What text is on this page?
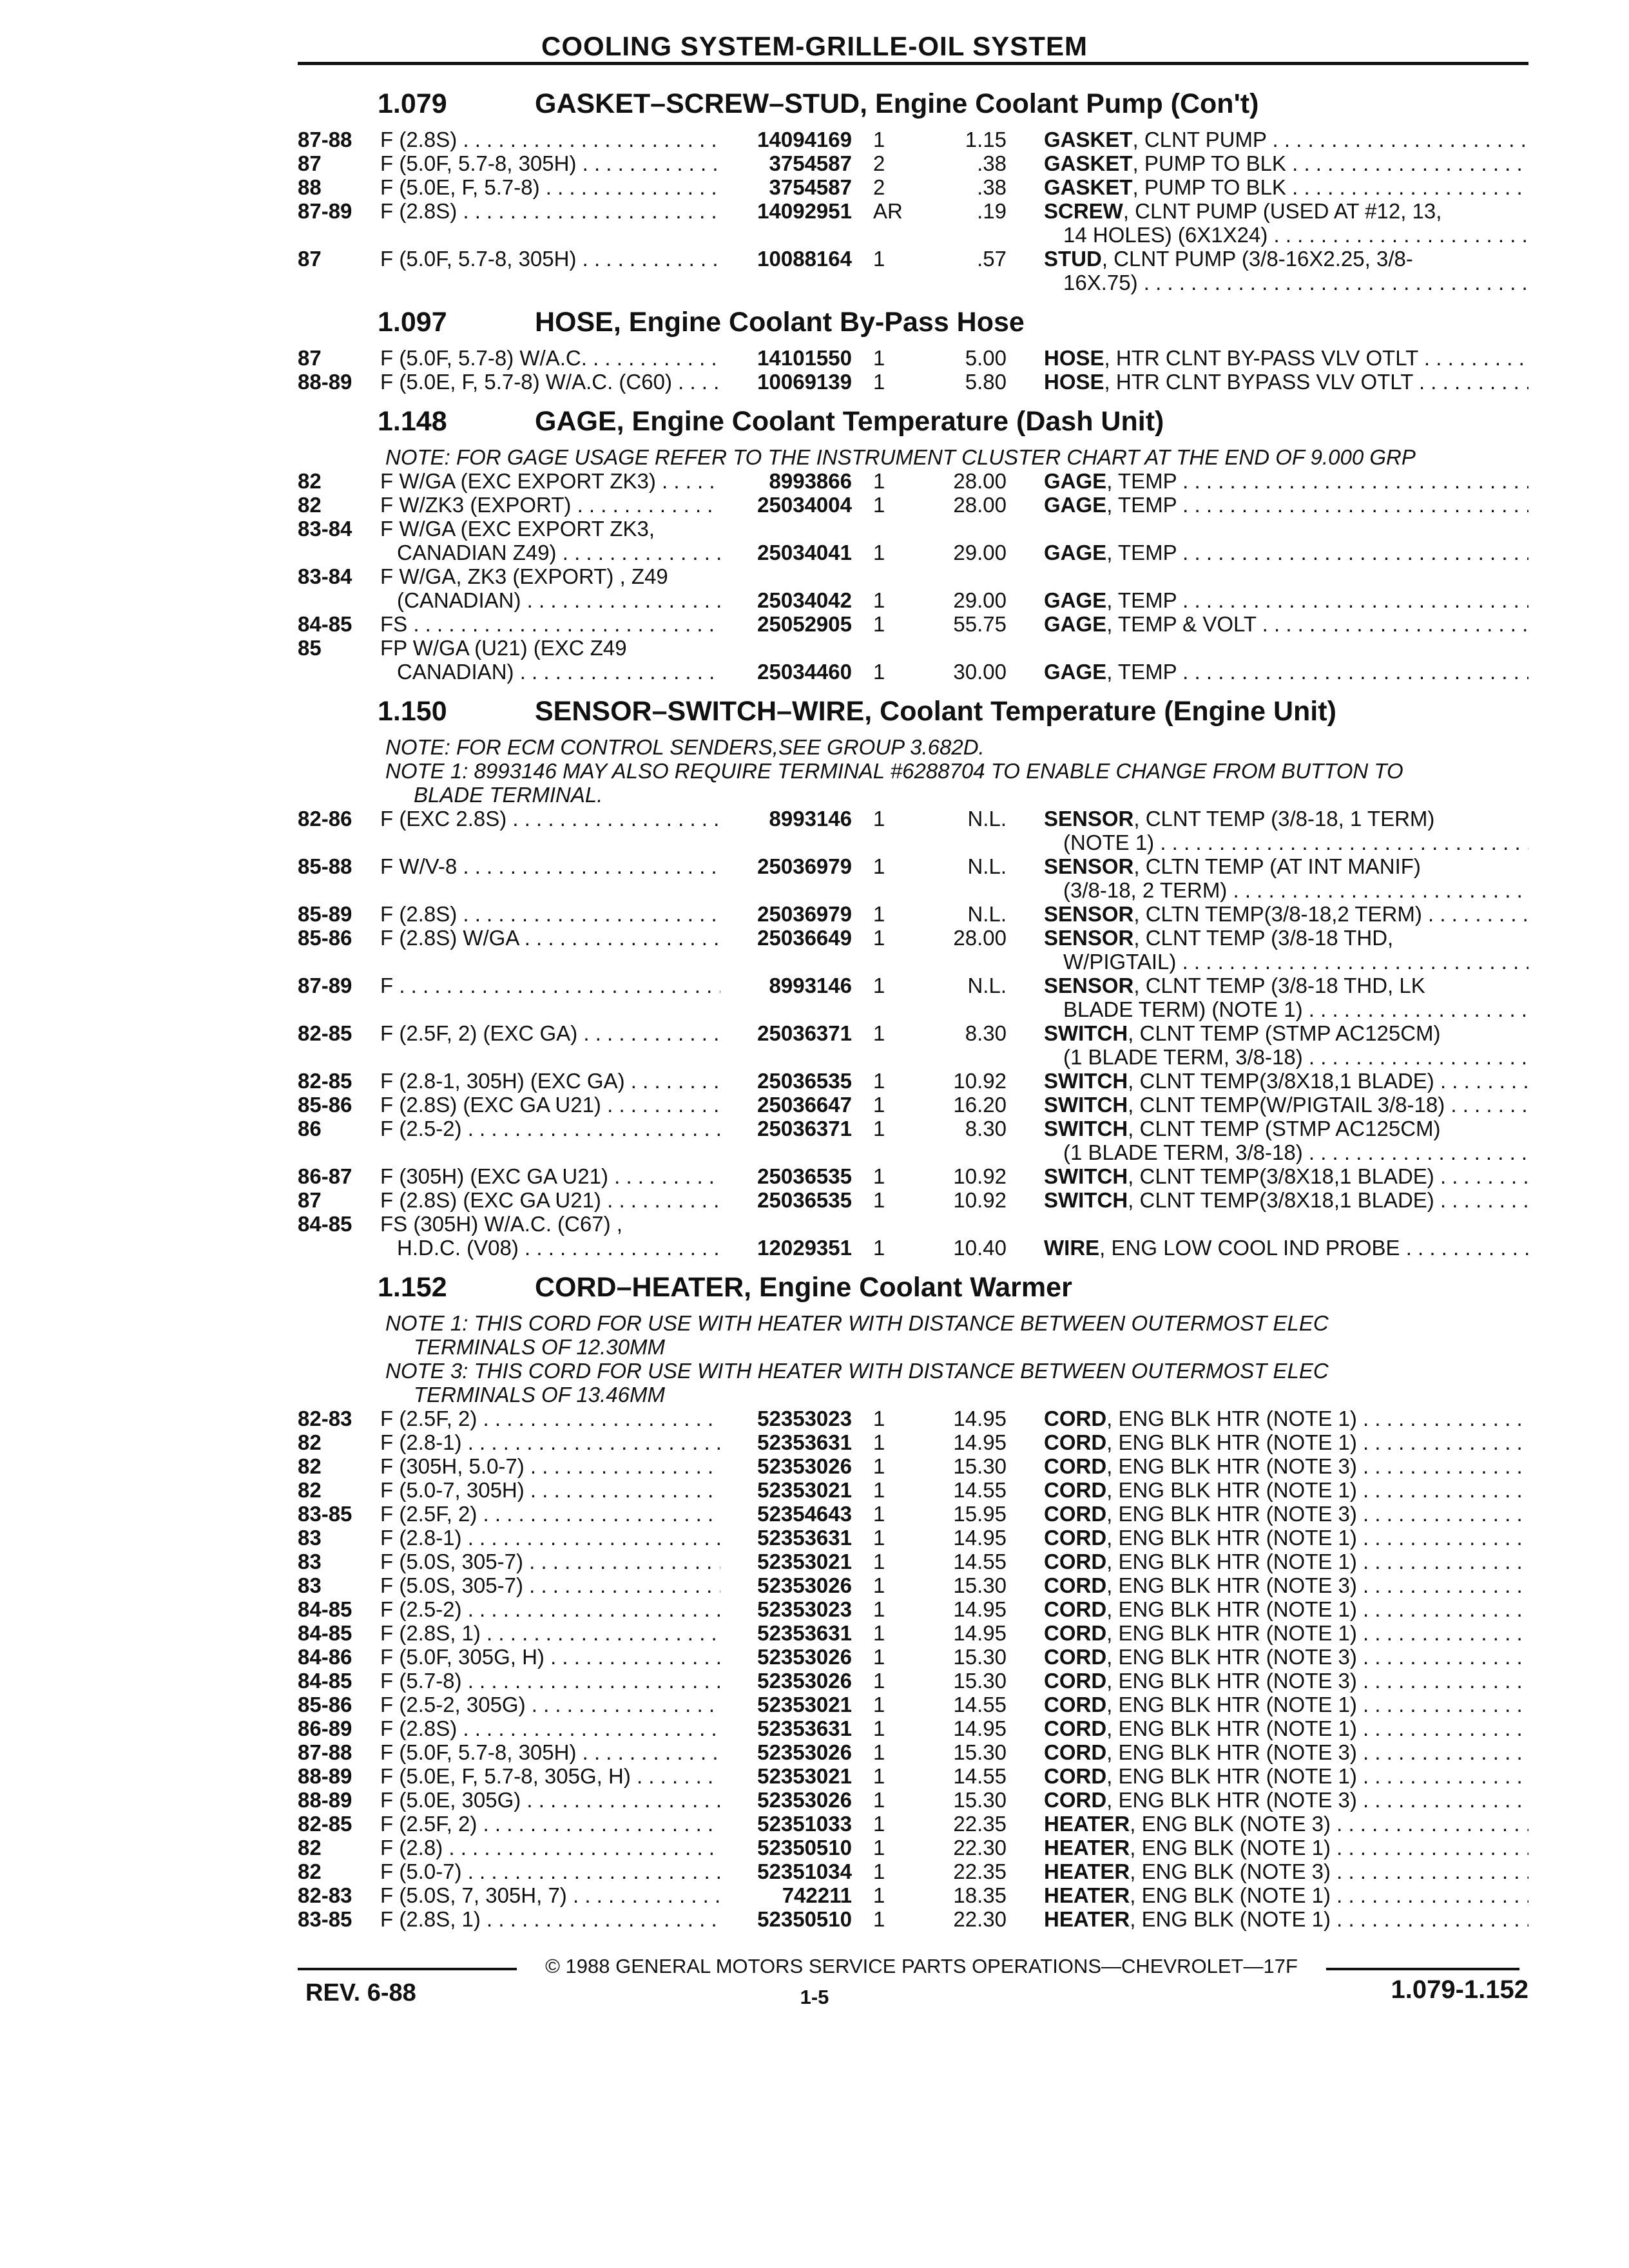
COOLING SYSTEM-GRILLE-OIL SYSTEM
1.079	GASKET–SCREW–STUD, Engine Coolant Pump (Con't)
87-88 F (2.8S) . . .	14094169 1	1.15 GASKET, CLNT PUMP . . .
87	F (5.0F, 5.7-8, 305H) . . .	3754587 2	.38 GASKET, PUMP TO BLK . . .
88	F (5.0E, F, 5.7-8) . . .	3754587 2	.38 GASKET, PUMP TO BLK . . .
87-89 F (2.8S) . . .	14092951 AR	.19 SCREW, CLNT PUMP (USED AT #12, 13,
14 HOLES) (6X1X24) . . .
87	F (5.0F, 5.7-8, 305H) . . .	10088164 1	.57 STUD, CLNT PUMP (3/8-16X2.25, 3/8-
16X.75) . . .
1.097	HOSE, Engine Coolant By-Pass Hose
87	F (5.0F, 5.7-8) W/A.C. . . .	14101550 1	5.00 HOSE, HTR CLNT BY-PASS VLV OTLT . . .
88-89 F (5.0E, F, 5.7-8) W/A.C. (C60) . . .	10069139 1	5.80 HOSE, HTR CLNT BYPASS VLV OTLT . . .
1.148	GAGE, Engine Coolant Temperature (Dash Unit)
NOTE: FOR GAGE USAGE REFER TO THE INSTRUMENT CLUSTER CHART AT THE END OF 9.000 GRP
82	F W/GA (EXC EXPORT ZK3) . . .	8993866 1	28.00 GAGE, TEMP . . .
82	F W/ZK3 (EXPORT) . . .	25034004 1	28.00 GAGE, TEMP . . .
83-84 F W/GA (EXC EXPORT ZK3,
CANADIAN Z49) . . .	25034041 1	29.00 GAGE, TEMP . . .
83-84 F W/GA, ZK3 (EXPORT) , Z49
(CANADIAN) . . .	25034042 1	29.00 GAGE, TEMP . . .
84-85 FS . . .	25052905 1	55.75 GAGE, TEMP & VOLT . . .
85	FP W/GA (U21) (EXC Z49
CANADIAN) . . .	25034460 1	30.00 GAGE, TEMP . . .
1.150	SENSOR–SWITCH–WIRE, Coolant Temperature (Engine Unit)
NOTE: FOR ECM CONTROL SENDERS,SEE GROUP 3.682D.
NOTE 1: 8993146 MAY ALSO REQUIRE TERMINAL #6288704 TO ENABLE CHANGE FROM BUTTON TO
BLADE TERMINAL.
82-86 F (EXC 2.8S) . . .	8993146 1	N.L. SENSOR, CLNT TEMP (3/8-18, 1 TERM)
(NOTE 1) . . .
85-88 F W/V-8 . . .	25036979 1	N.L. SENSOR, CLTN TEMP (AT INT MANIF)
(3/8-18, 2 TERM) . . .
85-89 F (2.8S) . . .	25036979 1	N.L. SENSOR, CLTN TEMP(3/8-18,2 TERM) . . .
85-86 F (2.8S) W/GA . . .	25036649 1	28.00 SENSOR, CLNT TEMP (3/8-18 THD,
W/PIGTAIL) . . .
87-89 F . . .	8993146 1	N.L. SENSOR, CLNT TEMP (3/8-18 THD, LK
BLADE TERM) (NOTE 1) . . .
82-85 F (2.5F, 2) (EXC GA) . . .	25036371 1	8.30 SWITCH, CLNT TEMP (STMP AC125CM)
(1 BLADE TERM, 3/8-18) . . .
82-85 F (2.8-1, 305H) (EXC GA) . . .	25036535 1	10.92 SWITCH, CLNT TEMP(3/8X18,1 BLADE) . . .
85-86 F (2.8S) (EXC GA U21) . . .	25036647 1	16.20 SWITCH, CLNT TEMP(W/PIGTAIL 3/8-18) . . .
86	F (2.5-2) . . .	25036371 1	8.30 SWITCH, CLNT TEMP (STMP AC125CM)
(1 BLADE TERM, 3/8-18) . . .
86-87 F (305H) (EXC GA U21) . . .	25036535 1	10.92 SWITCH, CLNT TEMP(3/8X18,1 BLADE) . . .
87	F (2.8S) (EXC GA U21) . . .	25036535 1	10.92 SWITCH, CLNT TEMP(3/8X18,1 BLADE) . . .
84-85 FS (305H) W/A.C. (C67) ,
H.D.C. (V08) . . .	12029351 1	10.40 WIRE, ENG LOW COOL IND PROBE . . .
1.152	CORD–HEATER, Engine Coolant Warmer
NOTE 1: THIS CORD FOR USE WITH HEATER WITH DISTANCE BETWEEN OUTERMOST ELEC
TERMINALS OF 12.30MM
NOTE 3: THIS CORD FOR USE WITH HEATER WITH DISTANCE BETWEEN OUTERMOST ELEC
TERMINALS OF 13.46MM
82-83 F (2.5F, 2) . . .	52353023 1	14.95 CORD, ENG BLK HTR (NOTE 1) . . .
82	F (2.8-1) . . .	52353631 1	14.95 CORD, ENG BLK HTR (NOTE 1) . . .
82	F (305H, 5.0-7) . . .	52353026 1	15.30 CORD, ENG BLK HTR (NOTE 3) . . .
82	F (5.0-7, 305H) . . .	52353021 1	14.55 CORD, ENG BLK HTR (NOTE 1) . . .
83-85 F (2.5F, 2) . . .	52354643 1	15.95 CORD, ENG BLK HTR (NOTE 3) . . .
83	F (2.8-1) . . .	52353631 1	14.95 CORD, ENG BLK HTR (NOTE 1) . . .
83	F (5.0S, 305-7) . . .	52353021 1	14.55 CORD, ENG BLK HTR (NOTE 1) . . .
83	F (5.0S, 305-7) . . .	52353026 1	15.30 CORD, ENG BLK HTR (NOTE 3) . . .
84-85 F (2.5-2) . . .	52353023 1	14.95 CORD, ENG BLK HTR (NOTE 1) . . .
84-85 F (2.8S, 1) . . .	52353631 1	14.95 CORD, ENG BLK HTR (NOTE 1) . . .
84-86 F (5.0F, 305G, H) . . .	52353026 1	15.30 CORD, ENG BLK HTR (NOTE 3) . . .
84-85 F (5.7-8) . . .	52353026 1	15.30 CORD, ENG BLK HTR (NOTE 3) . . .
85-86 F (2.5-2, 305G) . . .	52353021 1	14.55 CORD, ENG BLK HTR (NOTE 1) . . .
86-89 F (2.8S) . . .	52353631 1	14.95 CORD, ENG BLK HTR (NOTE 1) . . .
87-88 F (5.0F, 5.7-8, 305H) . . .	52353026 1	15.30 CORD, ENG BLK HTR (NOTE 3) . . .
88-89 F (5.0E, F, 5.7-8, 305G, H) . . .	52353021 1	14.55 CORD, ENG BLK HTR (NOTE 1) . . .
88-89 F (5.0E, 305G) . . .	52353026 1	15.30 CORD, ENG BLK HTR (NOTE 3) . . .
82-85 F (2.5F, 2) . . .	52351033 1	22.35 HEATER, ENG BLK (NOTE 3) . . .
82	F (2.8) . . .	52350510 1	22.30 HEATER, ENG BLK (NOTE 1) . . .
82	F (5.0-7) . . .	52351034 1	22.35 HEATER, ENG BLK (NOTE 3) . . .
82-83 F (5.0S, 7, 305H, 7) . . .	742211 1	18.35 HEATER, ENG BLK (NOTE 1) . . .
83-85 F (2.8S, 1) . . .	52350510 1	22.30 HEATER, ENG BLK (NOTE 1) . . .
© 1988 GENERAL MOTORS SERVICE PARTS OPERATIONS—CHEVROLET—17F
REV. 6-88	1-5	1.079-1.152
